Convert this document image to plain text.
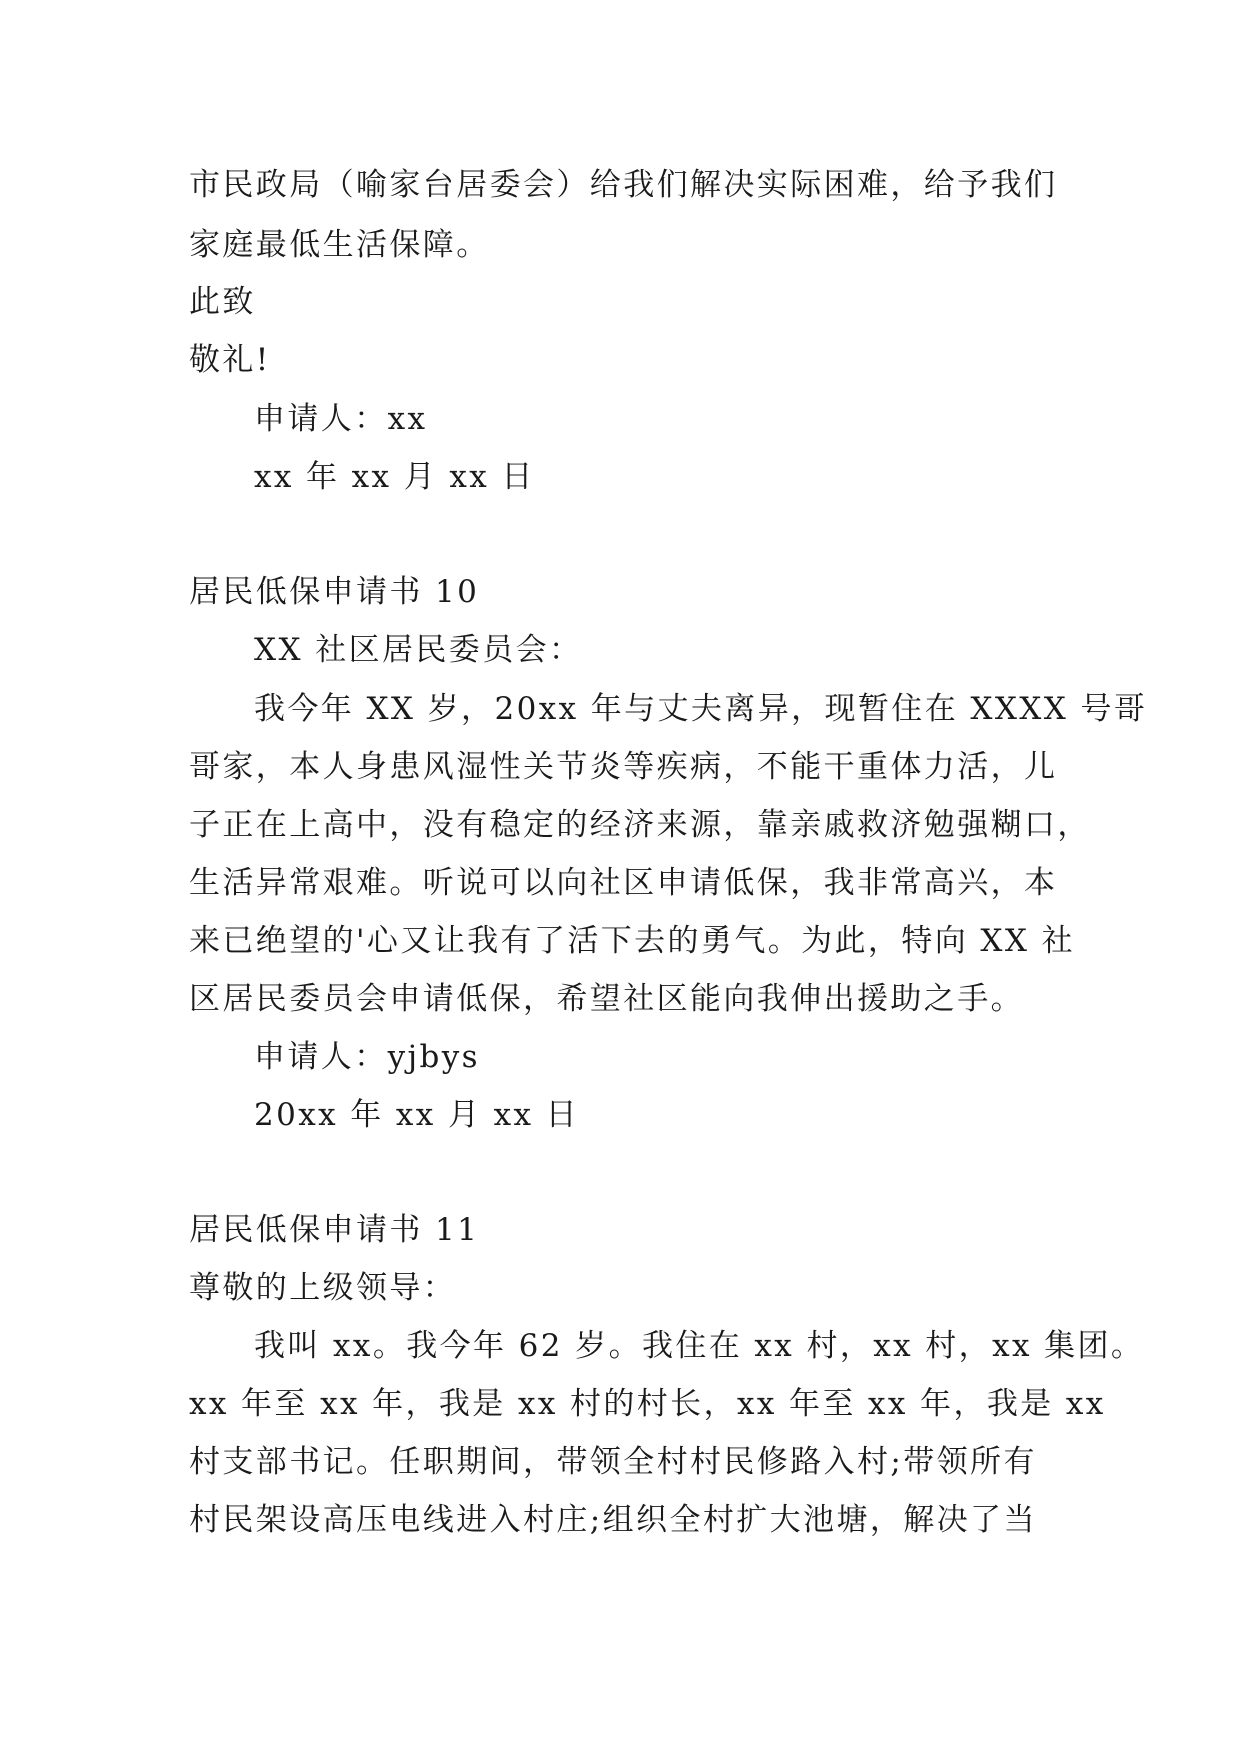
市民政局（喻家台居委会）给我们解决实际困难，给予我们
家庭最低生活保障。
此致
敬礼!
申请人：xx
xx 年 xx 月 xx 日
居民低保申请书 10
XX 社区居民委员会：
我今年 XX 岁，20xx 年与丈夫离异，现暂住在 XXXX 号哥
哥家，本人身患风湿性关节炎等疾病，不能干重体力活，儿
子正在上高中，没有稳定的经济来源，靠亲戚救济勉强糊口，
生活异常艰难。听说可以向社区申请低保，我非常高兴，本
来已绝望的'心又让我有了活下去的勇气。为此，特向 XX 社
区居民委员会申请低保，希望社区能向我伸出援助之手。
申请人：yjbys
20xx 年 xx 月 xx 日
居民低保申请书 11
尊敬的上级领导：
我叫 xx。我今年 62 岁。我住在 xx 村，xx 村，xx 集团。
xx 年至 xx 年，我是 xx 村的村长，xx 年至 xx 年，我是 xx
村支部书记。任职期间，带领全村村民修路入村;带领所有
村民架设高压电线进入村庄;组织全村扩大池塘，解决了当
